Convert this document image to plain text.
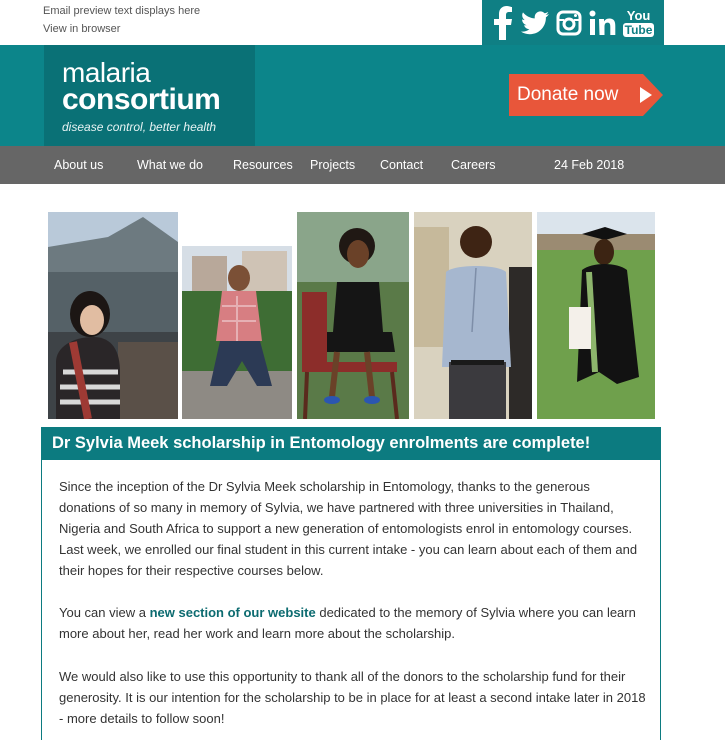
Email preview text displays here
View in browser
You
Tube
malaria
consortium
disease control, better health
Donate now
About us	What we do Resources Projects Contact Careers	24 Feb 2018
Dr Sylvia Meek scholarship in Entomology enrolments are complete!
Since the inception of the Dr Sylvia Meek scholarship in Entomology, thanks to the generous donations of so many in memory of Sylvia, we have partnered with three universities in Thailand, Nigeria and South Africa to support a new generation of entomologists enrol in entomology courses. Last week, we enrolled our final student in this current intake - you can learn about each of them and their hopes for their respective courses below.
You can view a new section of our website dedicated to the memory of Sylvia where you can learn more about her, read her work and learn more about the scholarship.
We would also like to use this opportunity to thank all of the donors to the scholarship fund for their generosity. It is our intention for the scholarship to be in place for at least a second intake later in 2018 - more details to follow soon!
